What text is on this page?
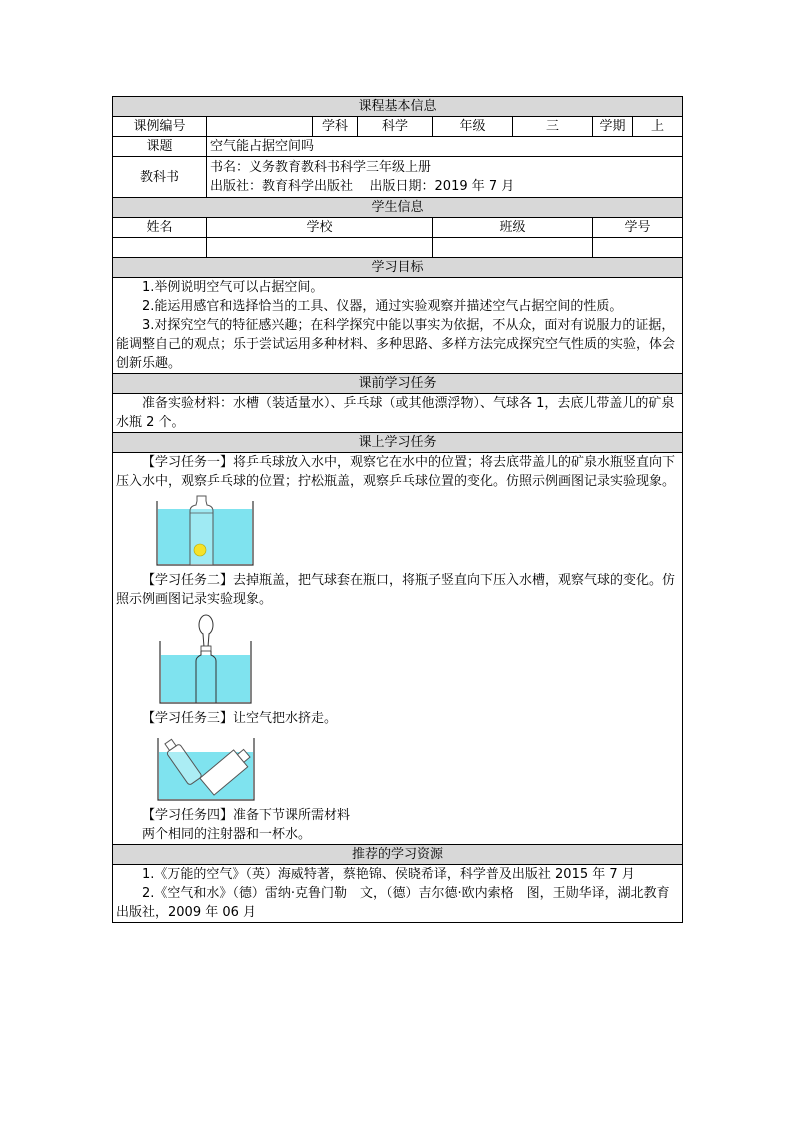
课程基本信息							
课例编号		学科	科学	年级	三	学期	上
课题	空气能占据空间吗						
教科书	书名：义务教育教科书科学三年级上册
出版社：教育科学出版社    出版日期：2019 年 7 月						

学生信息							
姓名	学校			班级		学号	

学习目标							

1.举例说明空气可以占据空间。

2.能运用感官和选择恰当的工具、仪器，通过实验观察并描述空气占据空间的性质。

3.对探究空气的特征感兴趣；在科学探究中能以事实为依据，不从众，面对有说服力的证据，能调整自己的观点；乐于尝试运用多种材料、多种思路、多样方法完成探究空气性质的实验，体会创新乐趣。							

课前学习任务							

准备实验材料：水槽（装适量水）、乒乓球（或其他漂浮物）、气球各 1，去底儿带盖儿的矿泉水瓶 2 个。							

课上学习任务							

【学习任务一】将乒乓球放入水中，观察它在水中的位置；将去底带盖儿的矿泉水瓶竖直向下压入水中，观察乒乓球的位置；拧松瓶盖，观察乒乓球位置的变化。仿照示例画图记录实验现象。

【学习任务二】去掉瓶盖，把气球套在瓶口，将瓶子竖直向下压入水槽，观察气球的变化。仿照示例画图记录实验现象。

【学习任务三】让空气把水挤走。

【学习任务四】准备下节课所需材料

两个相同的注射器和一杯水。							

推荐的学习资源							

1.《万能的空气》（英）海威特著，蔡艳锦、侯晓希译，科学普及出版社 2015 年 7 月

2.《空气和水》（德）雷纳·克鲁门勒　文，（德）吉尔德·欧内索格　图，王勋华译，湖北教育出版社，2009 年 06 月							
